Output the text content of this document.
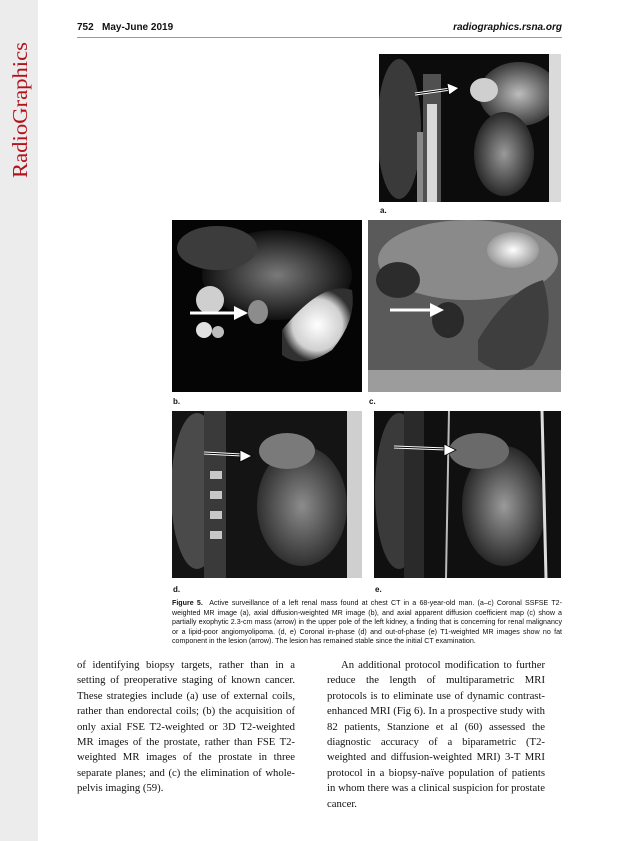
RadioGraphics
752 May-June 2019	radiographics.rsna.org
a.
b.	c.
d.	e.
Figure 5. Active surveillance of a left renal mass found at chest CT in a 68-year-old man. (a–c) Coronal SSFSE T2-weighted MR image (a), axial diffusion-weighted MR image (b), and axial apparent diffusion coefficient map (c) show a partially exophytic 2.3-cm mass (arrow) in the upper pole of the left kidney, a finding that is concerning for renal malignancy or a lipid-poor angiomyolipoma. (d, e) Coronal in-phase (d) and out-of-phase (e) T1-weighted MR images show no fat component in the lesion (arrow). The lesion has remained stable since the initial CT examination.

of identifying biopsy targets, rather than in a setting of preoperative staging of known cancer. These strategies include (a) use of external coils, rather than endorectal coils; (b) the acquisition of only axial FSE T2-weighted or 3D T2-weighted MR images of the prostate, rather than FSE T2-weighted MR images of the prostate in three separate planes; and (c) the elimination of whole-pelvis imaging (59).

An additional protocol modification to further reduce the length of multiparametric MRI protocols is to eliminate use of dynamic contrast-enhanced MRI (Fig 6). In a prospective study with 82 patients, Stanzione et al (60) assessed the diagnostic accuracy of a biparametric (T2-weighted and diffusion-weighted MRI) 3-T MRI protocol in a biopsy-naïve population of patients in whom there was a clinical suspicion for prostate cancer.
